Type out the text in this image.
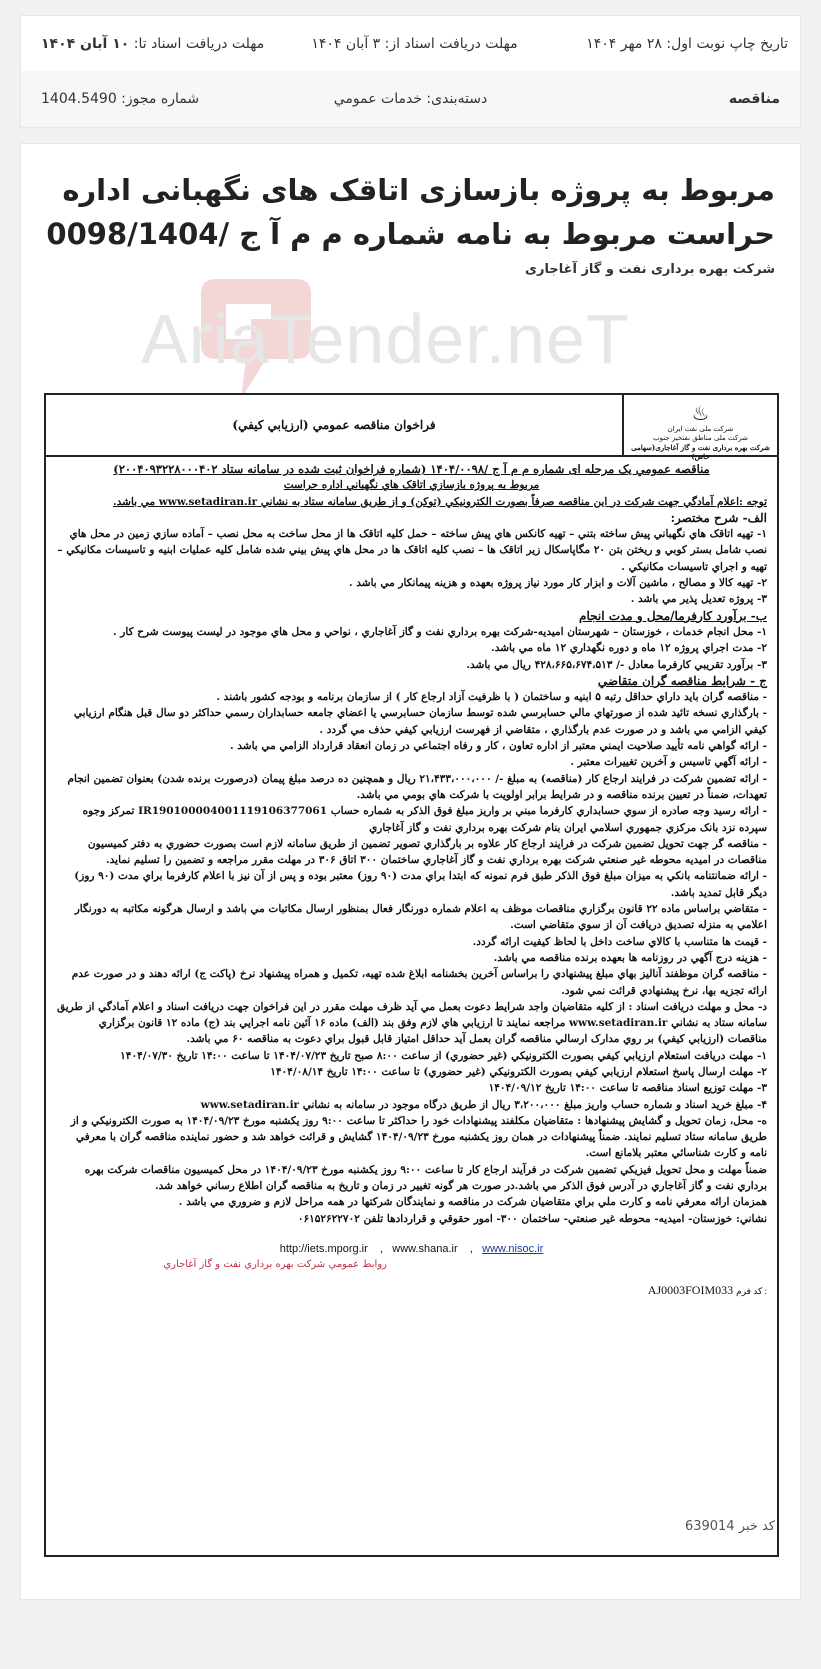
تاریخ چاپ نوبت اول: ۲۸ مهر ۱۴۰۴
مهلت دریافت اسناد از: ۳ آبان ۱۴۰۴
مهلت دریافت اسناد تا: ۱۰ آبان ۱۴۰۴
مناقصه
دسته‌بندی: خدمات عمومي
شماره مجوز: 1404.5490
مربوط به پروژه بازسازی اتاقک های نگهبانی اداره حراست مربوط به نامه شماره م م آ ج /0098/1404
شرکت بهره برداری نفت و گاز آغاجاری
AriaTender.neT
♨
شرکت ملی نفت ایران
شرکت ملی مناطق نفتخیز جنوب
شرکت بهره برداری نفت و گاز آغاجاری(سهامی خاص)
فراخوان مناقصه عمومي (ارزيابي كيفي)
مناقصه عمومي يک مرحله ای شماره م م آ ج /۱۴۰۴/۰۰۹۸ (شماره فراخوان ثبت شده در سامانه ستاد ۲۰۰۴۰۹۳۲۲۸۰۰۰۴۰۲)
مربوط به پروژه بازسازي اتاقک هاي نگهباني اداره حراست
توجه :اعلام آمادگي جهت شركت در اين مناقصه صرفاً بصورت الكترونيكي (توكن) و از طريق سامانه ستاد به نشاني www.setadiran.ir مي باشد.
الف- شرح مختصر:
۱- تهيه اتاقک هاي نگهباني پيش ساخته بتني – تهيه كانكس هاي پيش ساخته – حمل كليه اتاقک ها از محل ساخت به محل نصب – آماده سازي زمين در محل هاي نصب شامل بستر كوبي و ريختن بتن ۲۰ مگاپاسكال زير اتاقک ها – نصب كليه اتاقک ها در محل هاي پيش بيني شده شامل كليه عمليات ابنيه و تاسيسات مكانيكي – تهيه و اجراي تاسيسات مكانيكي .
۲- تهيه كالا و مصالح ، ماشين آلات و ابزار كار مورد نياز پروژه بعهده و هزينه پيمانكار مي باشد .
۳- پروژه تعديل پذير مي باشد .
ب- برآورد كارفرما/محل و مدت انجام
۱- محل انجام خدمات ، خوزستان – شهرستان اميديه-شركت بهره برداري نفت و گاز آغاجاري ، نواحي و محل هاي موجود در ليست پيوست شرح كار .
۲- مدت اجراي پروژه ۱۲ ماه و دوره نگهداري ۱۲ ماه مي باشد.
۳- برآورد تقريبي كارفرما معادل -/ ۴۲۸،۶۶۵،۶۷۴،۵۱۳ ريال مي باشد.
ج - شرايط مناقصه گران متقاضي
- مناقصه گران بايد داراي حداقل رتبه ۵ ابنيه و ساختمان ( با ظرفيت آزاد ارجاع كار ) از سازمان برنامه و بودجه كشور باشند .
- بارگذاري نسخه تائيد شده از صورتهاي مالي حسابرسي شده توسط سازمان حسابرسي يا اعضاي جامعه حسابداران رسمي حداكثر دو سال قبل هنگام ارزيابي كيفي الزامي مي باشد و در صورت عدم بارگذاري ، متقاضي از فهرست ارزيابي كيفي حذف مي گردد .
- ارائه گواهي نامه تأييد صلاحيت ايمني معتبر از اداره تعاون ، كار و رفاه اجتماعي در زمان انعقاد قرارداد الزامي مي باشد .
- ارائه آگهي تاسيس و آخرين تغييرات معتبر .
- ارائه تضمين شركت در فرايند ارجاع كار (مناقصه) به مبلغ -/ ۲۱،۴۳۳،۰۰۰،۰۰۰ ريال و همچنين ده درصد مبلغ پيمان (درصورت برنده شدن) بعنوان تضمين انجام تعهدات، ضمناً در تعيين برنده مناقصه و در شرايط برابر اولويت با شركت هاي بومي مي باشد.
- ارائه رسيد وجه صادره از سوي حسابداري كارفرما مبني بر واريز مبلغ فوق الذكر به شماره حساب IR190100004001119106377061 تمركز وجوه سپرده نزد بانک مركزي جمهوري اسلامي ايران بنام شركت بهره برداري نفت و گاز آغاجاري
- مناقصه گر جهت تحويل تضمين شركت در فرايند ارجاع كار علاوه بر بارگذاري تصوير تضمين از طريق سامانه لازم است بصورت حضوري به دفتر كميسيون مناقصات در اميديه محوطه غير صنعتي شركت بهره برداري نفت و گاز آغاجاري ساختمان ۳۰۰ اتاق ۳۰۶ در مهلت مقرر مراجعه و تضمين را تسليم نمايد.
- ارائه ضمانتنامه بانكي به ميزان مبلغ فوق الذكر طبق فرم نمونه كه ابتدا براي مدت (۹۰ روز) معتبر بوده و پس از آن نيز با اعلام كارفرما براي مدت (۹۰ روز) ديگر قابل تمديد باشد.
- متقاضي براساس ماده ۲۲ قانون برگزاري مناقصات موظف به اعلام شماره دورنگار فعال بمنظور ارسال مكاتبات مي باشد و ارسال هرگونه مكاتبه به دورنگار اعلامي به منزله تصديق دريافت آن از سوي متقاضي است.
- قيمت ها متناسب با كالاي ساخت داخل با لحاظ كيفيت ارائه گردد.
- هزينه درج آگهي در روزنامه ها بعهده برنده مناقصه مي باشد.
- مناقصه گران موظفند آناليز بهاي مبلغ پيشنهادي را براساس آخرين بخشنامه ابلاغ شده تهيه، تكميل و همراه پيشنهاد نرخ (پاكت ج) ارائه دهند و در صورت عدم ارائه تجزيه بها، نرخ پيشنهادي قرائت نمي شود.
د- محل و مهلت دريافت اسناد : از كليه متقاضيان واجد شرايط دعوت بعمل مي آيد ظرف مهلت مقرر در اين فراخوان جهت دريافت اسناد و اعلام آمادگي از طريق سامانه ستاد به نشاني www.setadiran.ir مراجعه نمايند تا ارزيابي هاي لازم وفق بند (الف) ماده ۱۶ آئين نامه اجرايي بند (ج) ماده ۱۲ قانون برگزاري مناقصات (ارزيابي كيفي) بر روي مدارک ارسالي مناقصه گران بعمل آيد حداقل امتياز قابل قبول براي دعوت به مناقصه ۶۰ مي باشد.
۱- مهلت دريافت استعلام ارزيابي كيفي بصورت الكترونيكي (غير حضوري) از ساعت ۸:۰۰ صبح تاريخ ۱۴۰۴/۰۷/۲۳ تا ساعت ۱۴:۰۰ تاريخ ۱۴۰۴/۰۷/۳۰
۲- مهلت ارسال پاسخ استعلام ارزيابي كيفي بصورت الكترونيكي (غير حضوري) تا ساعت ۱۴:۰۰ تاريخ ۱۴۰۴/۰۸/۱۴
۳- مهلت توزيع اسناد مناقصه تا ساعت ۱۴:۰۰ تاريخ ۱۴۰۴/۰۹/۱۲
۴- مبلغ خريد اسناد و شماره حساب واريز مبلغ ۳،۲۰۰،۰۰۰ ريال از طريق درگاه موجود در سامانه به نشاني www.setadiran.ir
ه- محل، زمان تحويل و گشايش پيشنهادها : متقاضيان مكلفند پيشنهادات خود را حداكثر تا ساعت ۹:۰۰ روز يكشنبه مورخ ۱۴۰۴/۰۹/۲۳ به صورت الكترونيكي و از طريق سامانه ستاد تسليم نمايند. ضمناً پيشنهادات در همان روز يكشنبه مورخ ۱۴۰۴/۰۹/۲۳ گشايش و قرائت خواهد شد و حضور نماينده مناقصه گران با معرفي نامه و كارت شناسائي معتبر بلامانع است.
ضمناً مهلت و محل تحويل فيزيكي تضمين شركت در فرآيند ارجاع كار تا ساعت ۹:۰۰ روز يكشنبه مورخ ۱۴۰۴/۰۹/۲۳ در محل كميسيون مناقصات شركت بهره برداري نفت و گاز آغاجاري در آدرس فوق الذكر مي باشد.در صورت هر گونه تغيير در زمان و تاريخ به مناقصه گران اطلاع رساني خواهد شد.
همزمان ارائه معرفي نامه و كارت ملي براي متقاضيان شركت در مناقصه و نمايندگان شركتها در همه مراحل لازم و ضروري مي باشد .
نشاني: خوزستان- اميديه- محوطه غير صنعتي- ساختمان ۳۰۰- امور حقوقي و قراردادها تلفن ۰۶۱۵۲۶۲۲۷۰۲
http://iets.mporg.ir    ,   www.shana.ir    ,   www.nisoc.ir
روابط عمومي شركت بهره برداري نفت و گاز آغاجاري
AJ0003FOIM033 كد فرم :
کد خبر 639014
